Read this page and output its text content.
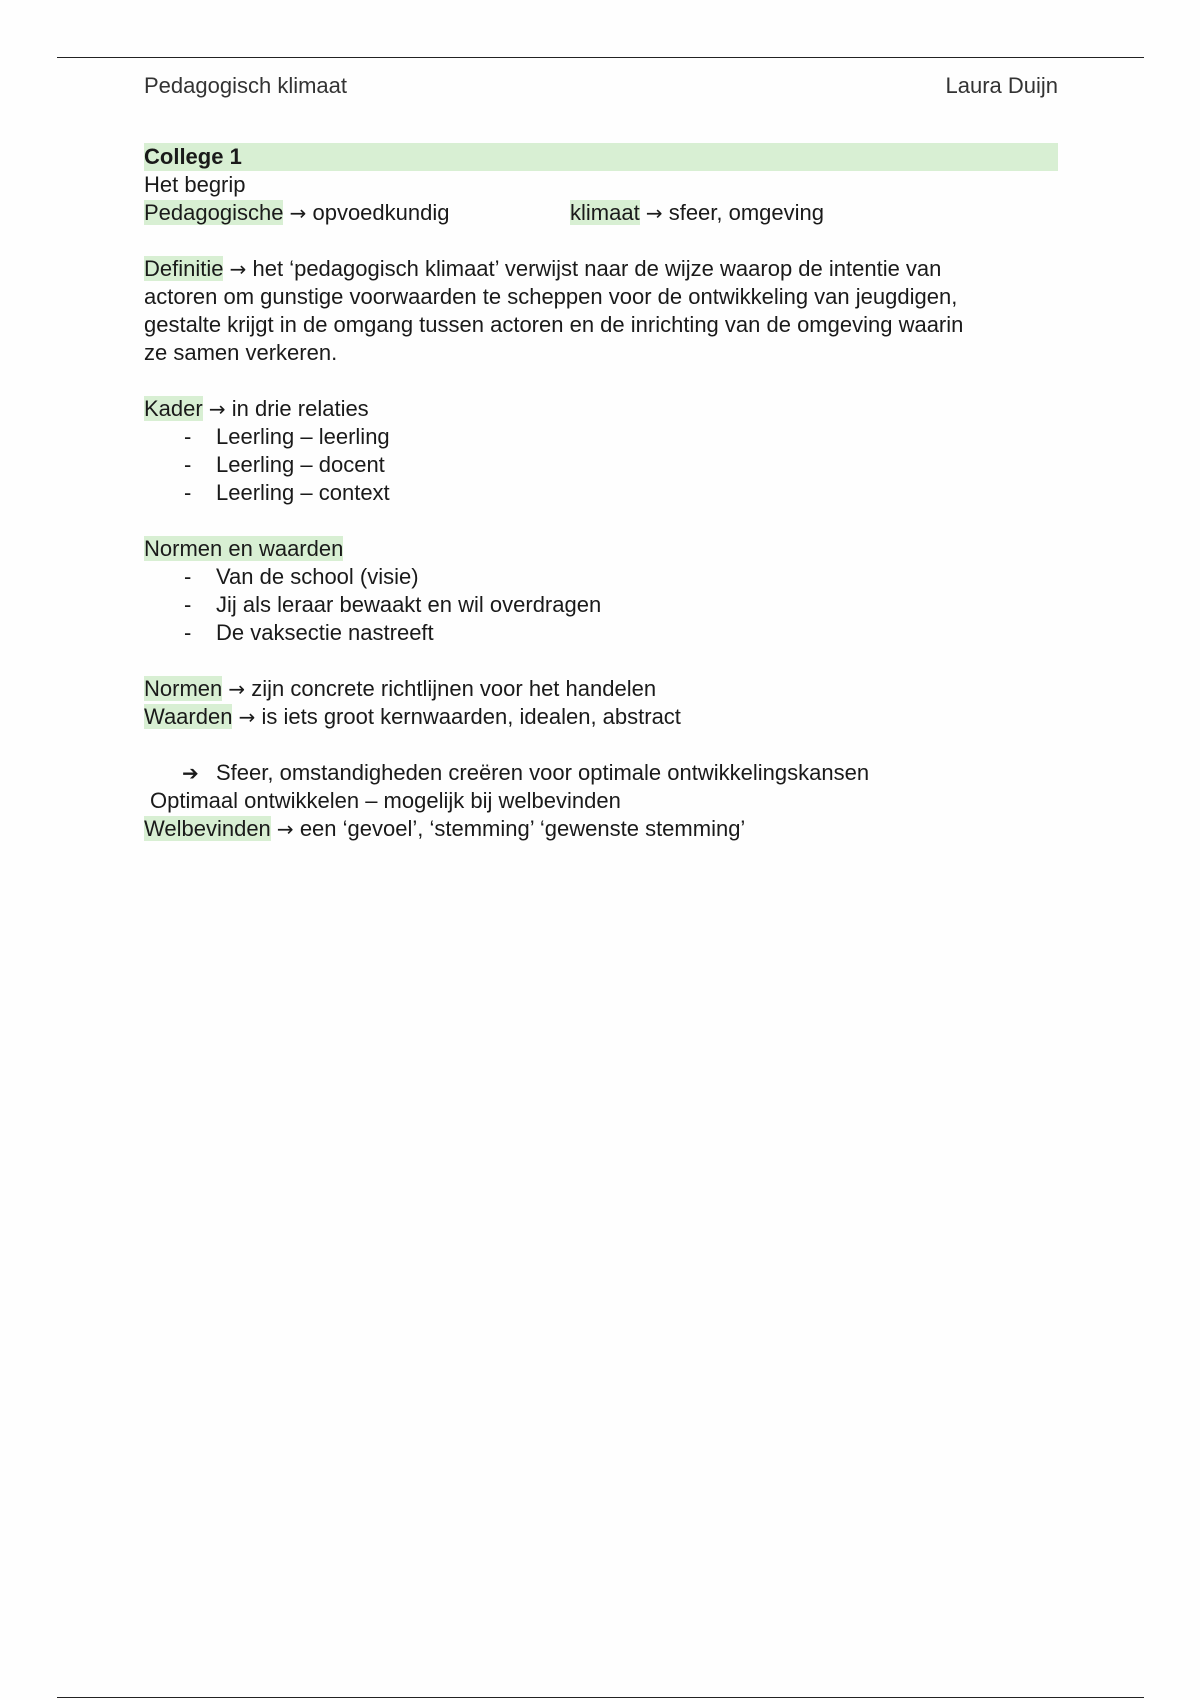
Pedagogisch klimaat	Laura Duijn
College 1
Het begrip
Pedagogische → opvoedkundig	klimaat → sfeer, omgeving
Definitie → het ‘pedagogisch klimaat’ verwijst naar de wijze waarop de intentie van
actoren om gunstige voorwaarden te scheppen voor de ontwikkeling van jeugdigen,
gestalte krijgt in de omgang tussen actoren en de inrichting van de omgeving waarin
ze samen verkeren.
Kader → in drie relaties
- Leerling – leerling
- Leerling – docent
- Leerling – context
Normen en waarden
- Van de school (visie)
- Jij als leraar bewaakt en wil overdragen
- De vaksectie nastreeft
Normen → zijn concrete richtlijnen voor het handelen
Waarden → is iets groot kernwaarden, idealen, abstract
➔ Sfeer, omstandigheden creëren voor optimale ontwikkelingskansen
Optimaal ontwikkelen – mogelijk bij welbevinden
Welbevinden → een ‘gevoel’, ‘stemming’ ‘gewenste stemming’
